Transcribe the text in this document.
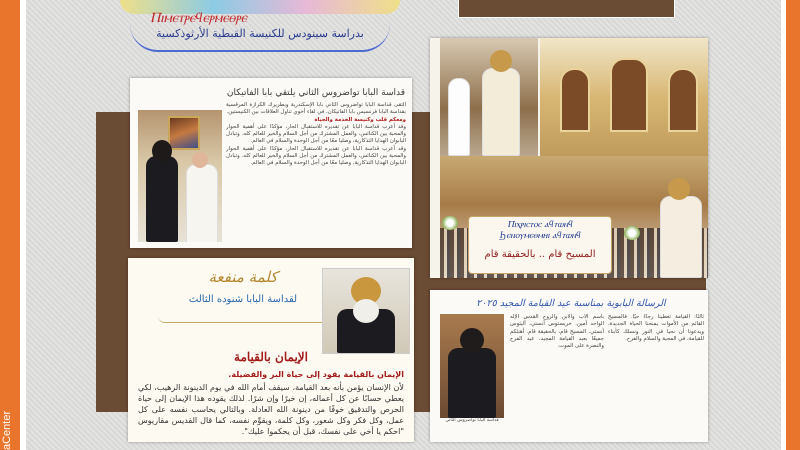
aCenter
Ⲡⲓⲙⲉⲧⲣⲉϥⲉⲣⲙⲉⲑⲣⲉ
بدراسة سينودس للكنيسة القبطية الأرثوذكسية
قداسة البابا تواضروس الثاني يلتقي بابا الفاتيكان
التقى قداسة البابا تواضروس الثاني بابا الإسكندرية وبطريرك الكرازة المرقسية بقداسة البابا فرنسيس بابا الفاتيكان، في لقاء أخوي تناول العلاقات بين الكنيستين.
ومعكم قلب وكنيسة الخدمة والحياة
وقد أعرب قداسة البابا عن تقديره للاستقبال الحار، مؤكدًا على أهمية الحوار والمحبة بين الكنائس، والعمل المشترك من أجل السلام والخير للعالم كله. وتبادل البابوان الهدايا التذكارية، وصليا معًا من أجل الوحدة والسلام في العالم.
وقد أعرب قداسة البابا عن تقديره للاستقبال الحار، مؤكدًا على أهمية الحوار والمحبة بين الكنائس، والعمل المشترك من أجل السلام والخير للعالم كله. وتبادل البابوان الهدايا التذكارية، وصليا معًا من أجل الوحدة والسلام في العالم.
Ⲡⲓⲭⲣⲓⲥⲧⲟⲥ ⲁϥⲧⲱⲛϥ
Ϧⲉⲛⲟⲩⲙⲉⲑⲙⲏⲓ ⲁϥⲧⲱⲛϥ
المسيح قام .. بالحقيقة قام
كلمة منفعة
لقداسة البابا شنوده الثالث
الإيمان بالقيامة
الإيمان بالقيامة يقود إلى حياة البر والفضيلة.
لأن الإنسان يؤمن بأنه بعد القيامة، سيقف أمام الله في يوم الدينونة الرهيب، لكي يعطي حسابًا عن كل أعماله، إن خيرًا وإن شرًا. لذلك يقوده هذا الإيمان إلى حياة الحرص والتدقيق خوفًا من دينونة الله العادلة. وبالتالي يحاسب نفسه على كل عمل، وكل فكر وكل شعور، وكل كلمة، ويقوِّم نفسه، كما قال القديس مقاريوس "احكم يا أخي على نفسك، قبل أن يحكموا عليك".
الرسالة البابوية بمناسبة عيد القيامة المجيد ٢٠٢٥
قداسة البابا تواضروس الثاني
باسم الآب والابن والروح القدس الإله الواحد آمين. خريستوس آنستي، آليثوس آنستي. المسيح قام، بالحقيقة قام. أهنئكم جميعًا بعيد القيامة المجيد، عيد الفرح والنصرة على الموت.
ثالثًا: القيامة تعطينا رجاءً حيًا. فالمسيح القائم من الأموات يمنحنا الحياة الجديدة، ويدعونا أن نحيا في النور ونسلك كأبناء للقيامة، في المحبة والسلام والفرح.
